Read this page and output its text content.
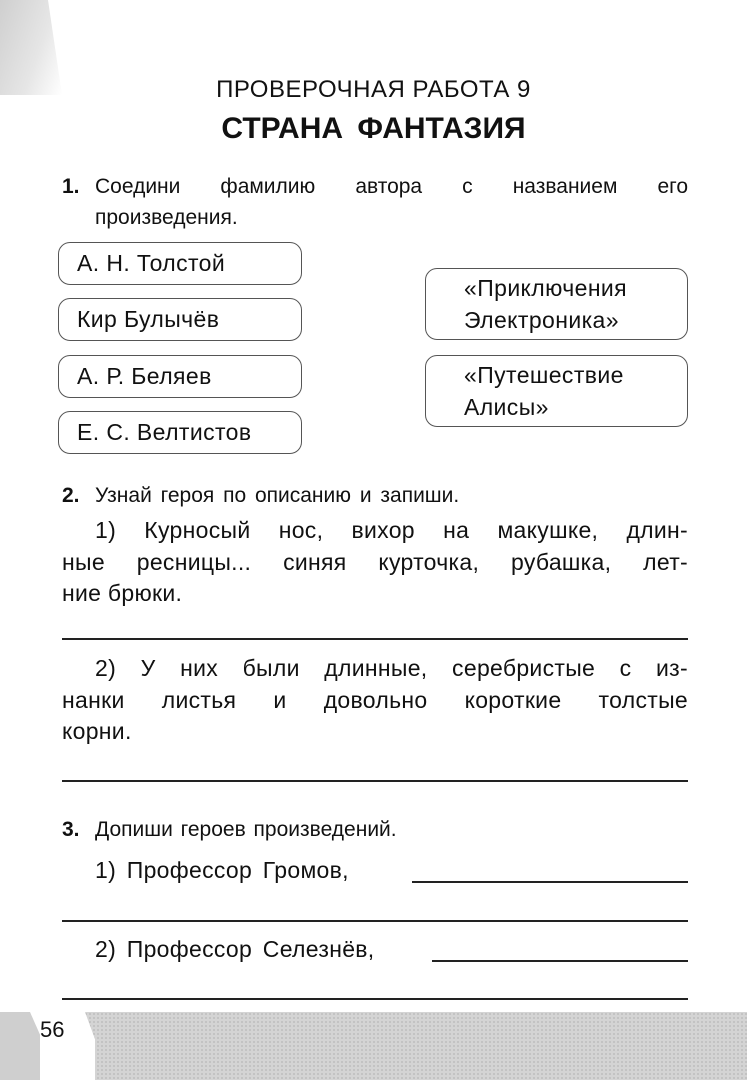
ПРОВЕРОЧНАЯ РАБОТА 9
СТРАНА ФАНТАЗИЯ
1. Соедини фамилию автора с названием его
произведения.
А. Н. Толстой
Кир Булычёв
А. Р. Беляев
Е. С. Велтистов
«Приключения
Электроника»
«Путешествие
Алисы»
2. Узнай героя по описанию и запиши.
1) Курносый нос, вихор на макушке, длин-
ные ресницы... синяя курточка, рубашка, лет-
ние брюки.
2) У них были длинные, серебристые с из-
нанки листья и довольно короткие толстые
корни.
3. Допиши героев произведений.
1) Профессор Громов,
2) Профессор Селезнёв,
56
